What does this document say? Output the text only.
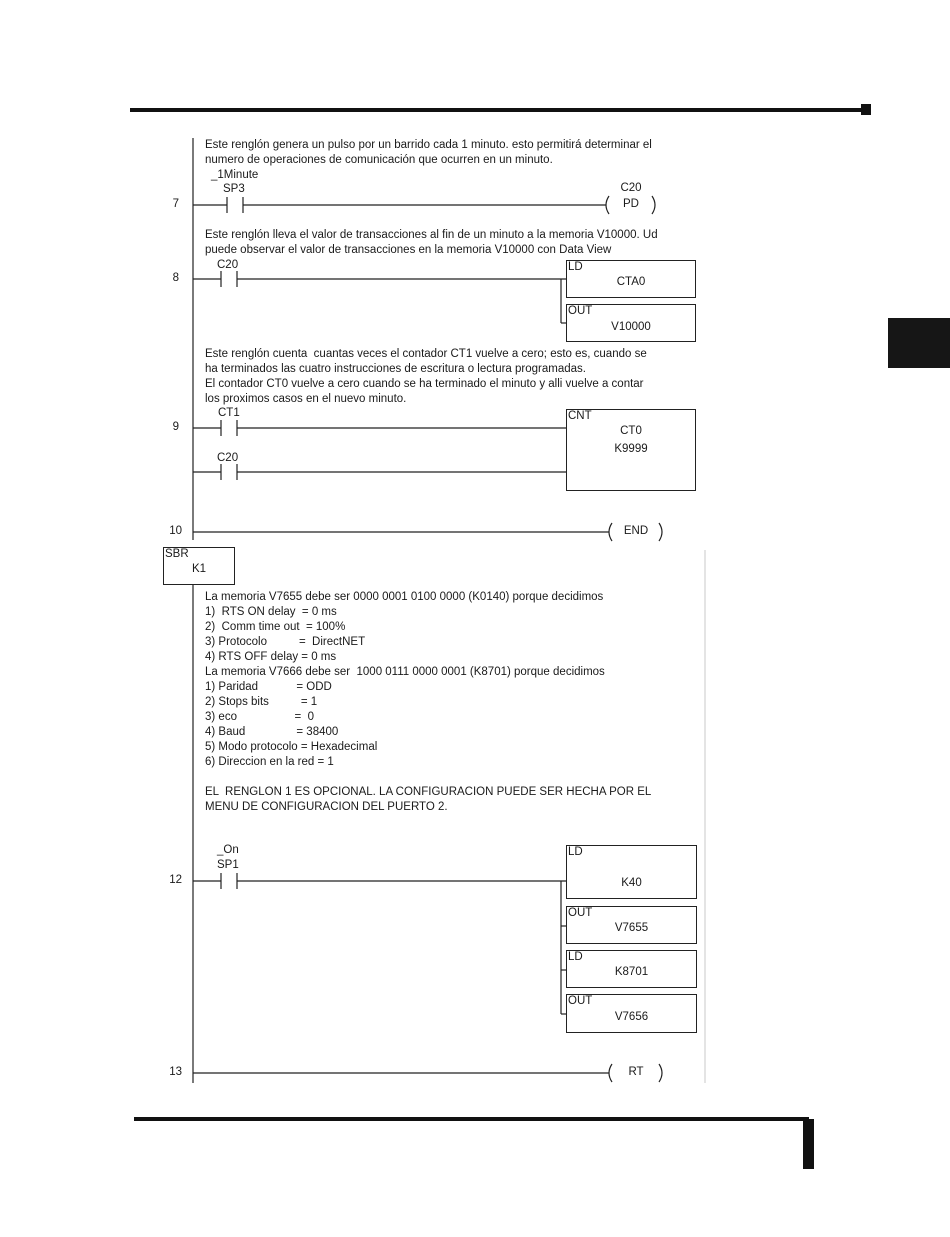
Este renglón genera un pulso por un barrido cada 1 minuto. esto permitirá determinar el
numero de operaciones de comunicación que ocurren en un minuto.
7
_1Minute
SP3	C20
PD
Este renglón lleva el valor de transacciones al fin de un minuto a la memoria V10000. Ud
puede observar el valor de transacciones en la memoria V10000 con Data View
8
C20	LD
CTA0
OUT
V10000
Este renglón cuenta  cuantas veces el contador CT1 vuelve a cero; esto es, cuando se
ha terminados las cuatro instrucciones de escritura o lectura programadas.
El contador CT0 vuelve a cero cuando se ha terminado el minuto y alli vuelve a contar
los proximos casos en el nuevo minuto.
9
CT1
C20
CNT
CT0
K9999
10	END
SBR
K1
La memoria V7655 debe ser 0000 0001 0100 0000 (K0140) porque decidimos
1)  RTS ON delay  = 0 ms
2)  Comm time out  = 100%
3) Protocolo          =  DirectNET
4) RTS OFF delay = 0 ms
La memoria V7666 debe ser  1000 0111 0000 0001 (K8701) porque decidimos
1) Paridad            = ODD
2) Stops bits          = 1
3) eco                  =  0
4) Baud                = 38400
5) Modo protocolo = Hexadecimal
6) Direccion en la red = 1

EL  RENGLON 1 ES OPCIONAL. LA CONFIGURACION PUEDE SER HECHA POR EL
MENU DE CONFIGURACION DEL PUERTO 2.
12
_On
SP1
LD
K40
OUT
V7655
LD
K8701
OUT
V7656
13	RT
